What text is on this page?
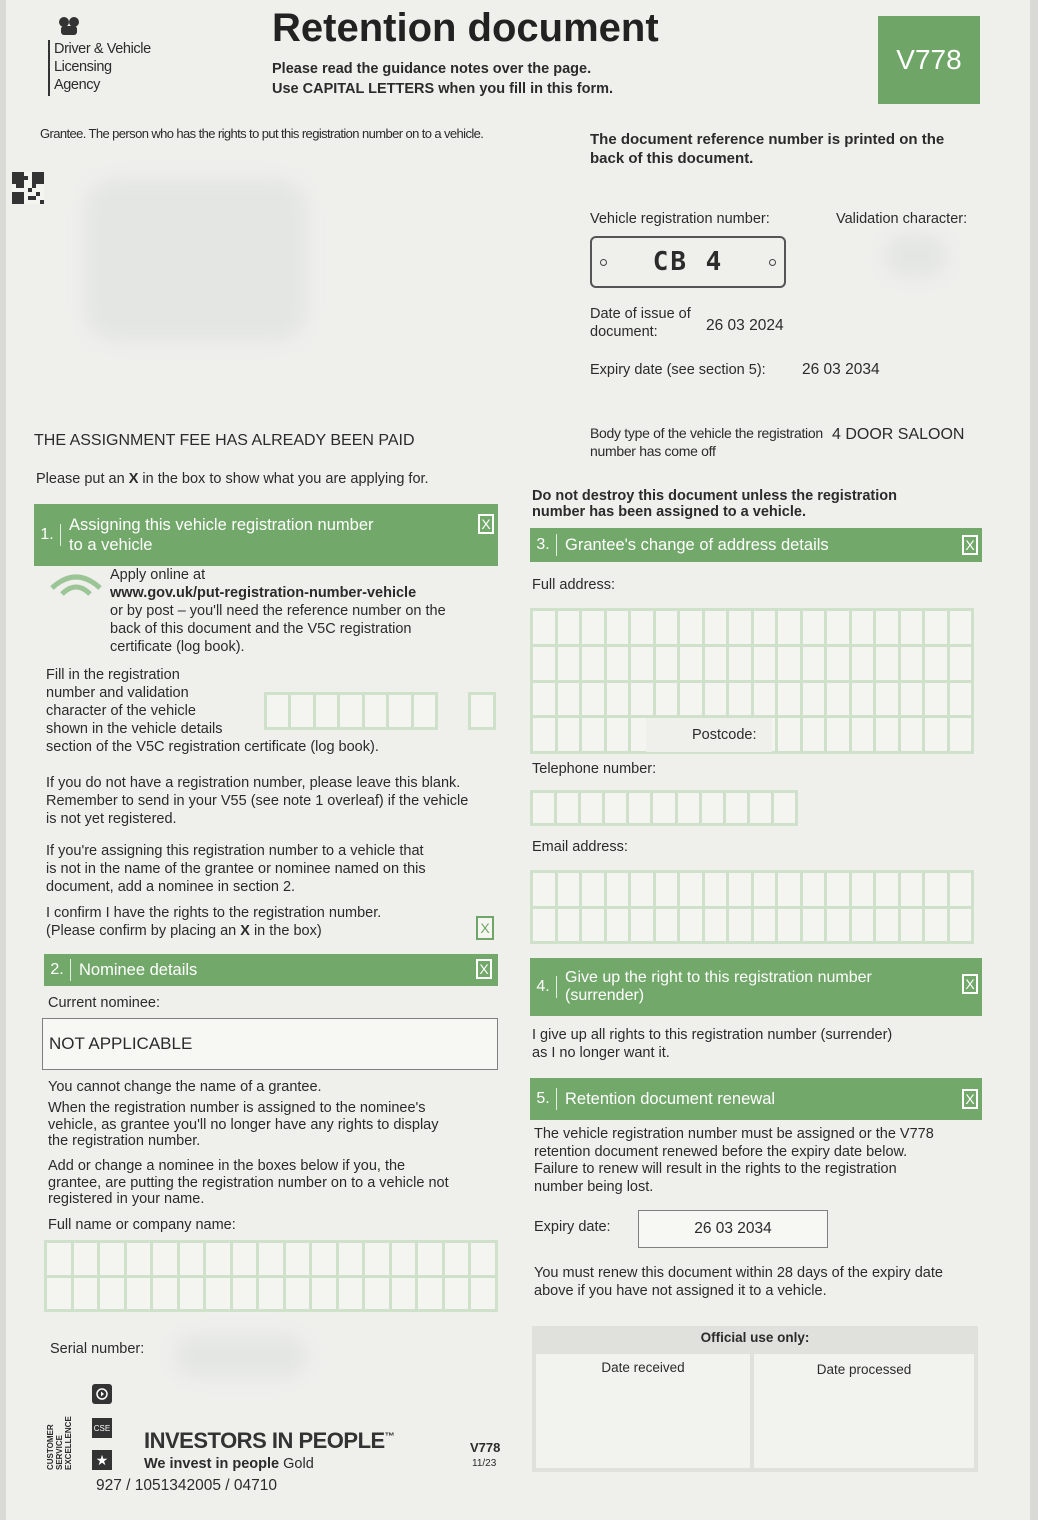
Driver & Vehicle
Licensing
Agency
Retention document
Please read the guidance notes over the page.
Use CAPITAL LETTERS when you fill in this form.
V778
Grantee. The person who has the rights to put this registration number on to a vehicle.	The document reference number is printed on the back of this document.
Vehicle registration number:	Validation character:
CB 4
Date of issue of document:	26 03 2024
Expiry date (see section 5): 26 03 2034
Body type of the vehicle the registration number has come off
4 DOOR SALOON
THE ASSIGNMENT FEE HAS ALREADY BEEN PAID
Please put an X in the box to show what you are applying for.
Do not destroy this document unless the registration number has been assigned to a vehicle.
1.
Assigning this vehicle registration number
to a vehicle
X
Apply online at
www.gov.uk/put-registration-number-vehicle
or by post – you'll need the reference number on the
back of this document and the V5C registration
certificate (log book).
Fill in the registration
number and validation
character of the vehicle
shown in the vehicle details
section of the V5C registration certificate (log book).
If you do not have a registration number, please leave this blank.
Remember to send in your V55 (see note 1 overleaf) if the vehicle
is not yet registered.
If you're assigning this registration number to a vehicle that
is not in the name of the grantee or nominee named on this
document, add a nominee in section 2.
I confirm I have the rights to the registration number.
(Please confirm by placing an X in the box)	X
2. Nominee details	X
Current nominee:
NOT APPLICABLE
You cannot change the name of a grantee.
When the registration number is assigned to the nominee's
vehicle, as grantee you'll no longer have any rights to display
the registration number.
Add or change a nominee in the boxes below if you, the
grantee, are putting the registration number on to a vehicle not
registered in your name.
Full name or company name:
3. Grantee's change of address details	X
Full address:
Postcode:
Telephone number:
Email address:
4.
Give up the right to this registration number
(surrender)
X
I give up all rights to this registration number (surrender)
as I no longer want it.
5. Retention document renewal	X
The vehicle registration number must be assigned or the V778
retention document renewed before the expiry date below.
Failure to renew will result in the rights to the registration
number being lost.
Expiry date:	26 03 2034
You must renew this document within 28 days of the expiry date
above if you have not assigned it to a vehicle.
Official use only:
Date received	Date processed
Serial number:
CUSTOMER SERVICE EXCELLENCE	CSE
★
INVESTORS IN PEOPLE™
We invest in people Gold
V778
11/23
927 / 1051342005 / 04710
